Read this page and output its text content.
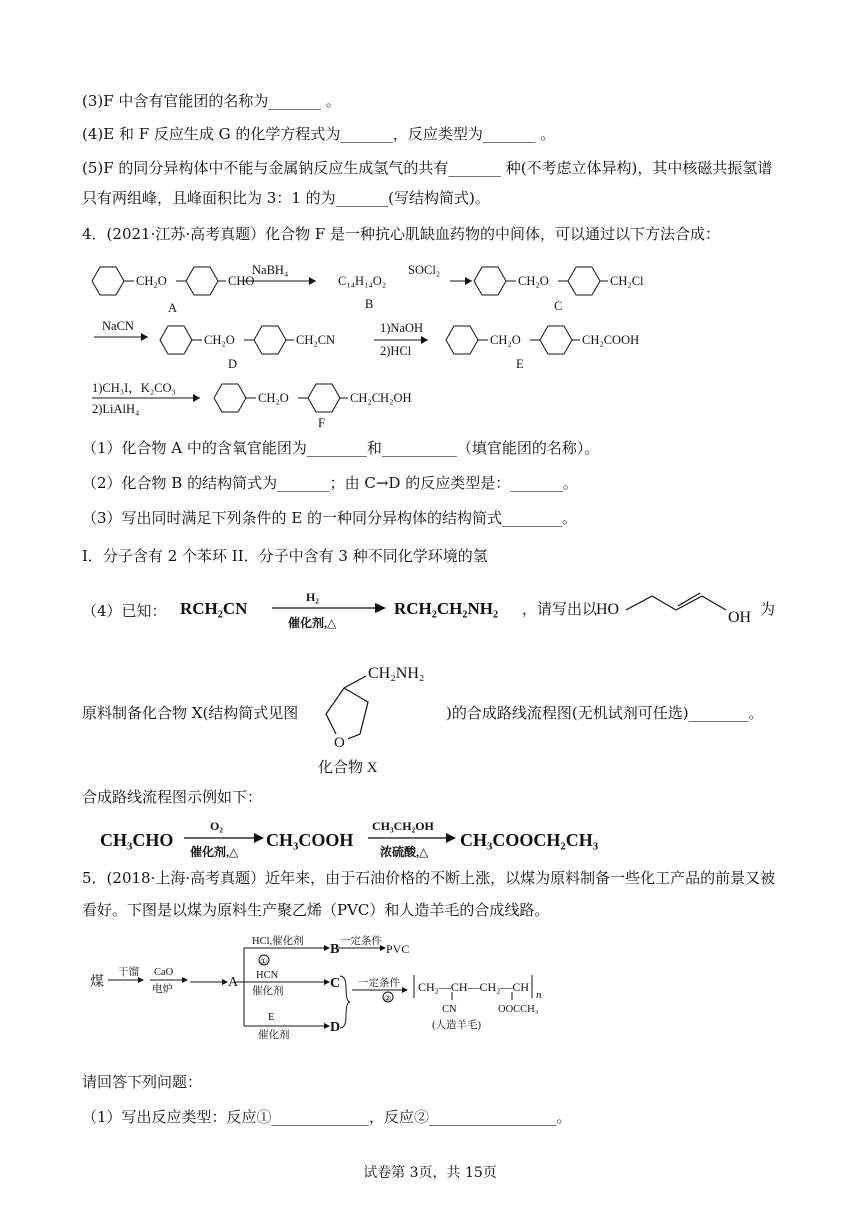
(3)F 中含有官能团的名称为_______ 。
(4)E 和 F 反应生成 G 的化学方程式为_______，反应类型为_______ 。
(5)F 的同分异构体中不能与金属钠反应生成氢气的共有_______ 种(不考虑立体异构)，其中核磁共振氢谱
只有两组峰，且峰面积比为 3：1 的为_______(写结构简式)。
4．(2021·江苏·高考真题）化合物 F 是一种抗心肌缺血药物的中间体，可以通过以下方法合成：
CH₂O	CHO
A
NaBH₄
C₁₄H₁₄O₂
B
SOCl₂
CH₂O	CH₂Cl
C
NaCN
CH₂O	CH₂CN
D
1)NaOH
2)HCl
CH₂O	CH₂COOH
E
1)CH₃I，K₂CO₃
2)LiAlH₄
CH₂O	CH₂CH₂OH
F
（1）化合物 A 中的含氧官能团为________和__________（填官能团的名称）。
（2）化合物 B 的结构简式为_______；由 C→D 的反应类型是：_______。
（3）写出同时满足下列条件的 E 的一种同分异构体的结构简式________。
I．分子含有 2 个苯环 II．分子中含有 3 种不同化学环境的氢
（4）已知： RCH₂CN	RCH₂CH₂NH₂
H₂
催化剂,△
，请写出以
HO	OH 为
原料制备化合物 X(结构简式见图
O
CH₂NH₂
化合物 X
)的合成路线流程图(无机试剂可任选)________。
合成路线流程图示例如下：
CH₃CHO	CH₃COOH	CH₃COOCH₂CH₃
O₂
催化剂,△
CH₃CH₂OH
浓硫酸,△
5．(2018·上海·高考真题）近年来，由于石油价格的不断上涨，以煤为原料制备一些化工产品的前景又被
看好。下图是以煤为原料生产聚乙烯（PVC）和人造羊毛的合成线路。
干馏 CaO
电炉
HCl,催化剂
①
一定条件
HCN
催化剂
E
催化剂
一定条件
②
CN	OOCCH₃
(人造羊毛)
煤	A
B	PVC
C
D
CH₂—CH—CH₂—CH
n
请回答下列问题：
（1）写出反应类型：反应①_____________，反应②_________________。
试卷第 3页，共 15页
